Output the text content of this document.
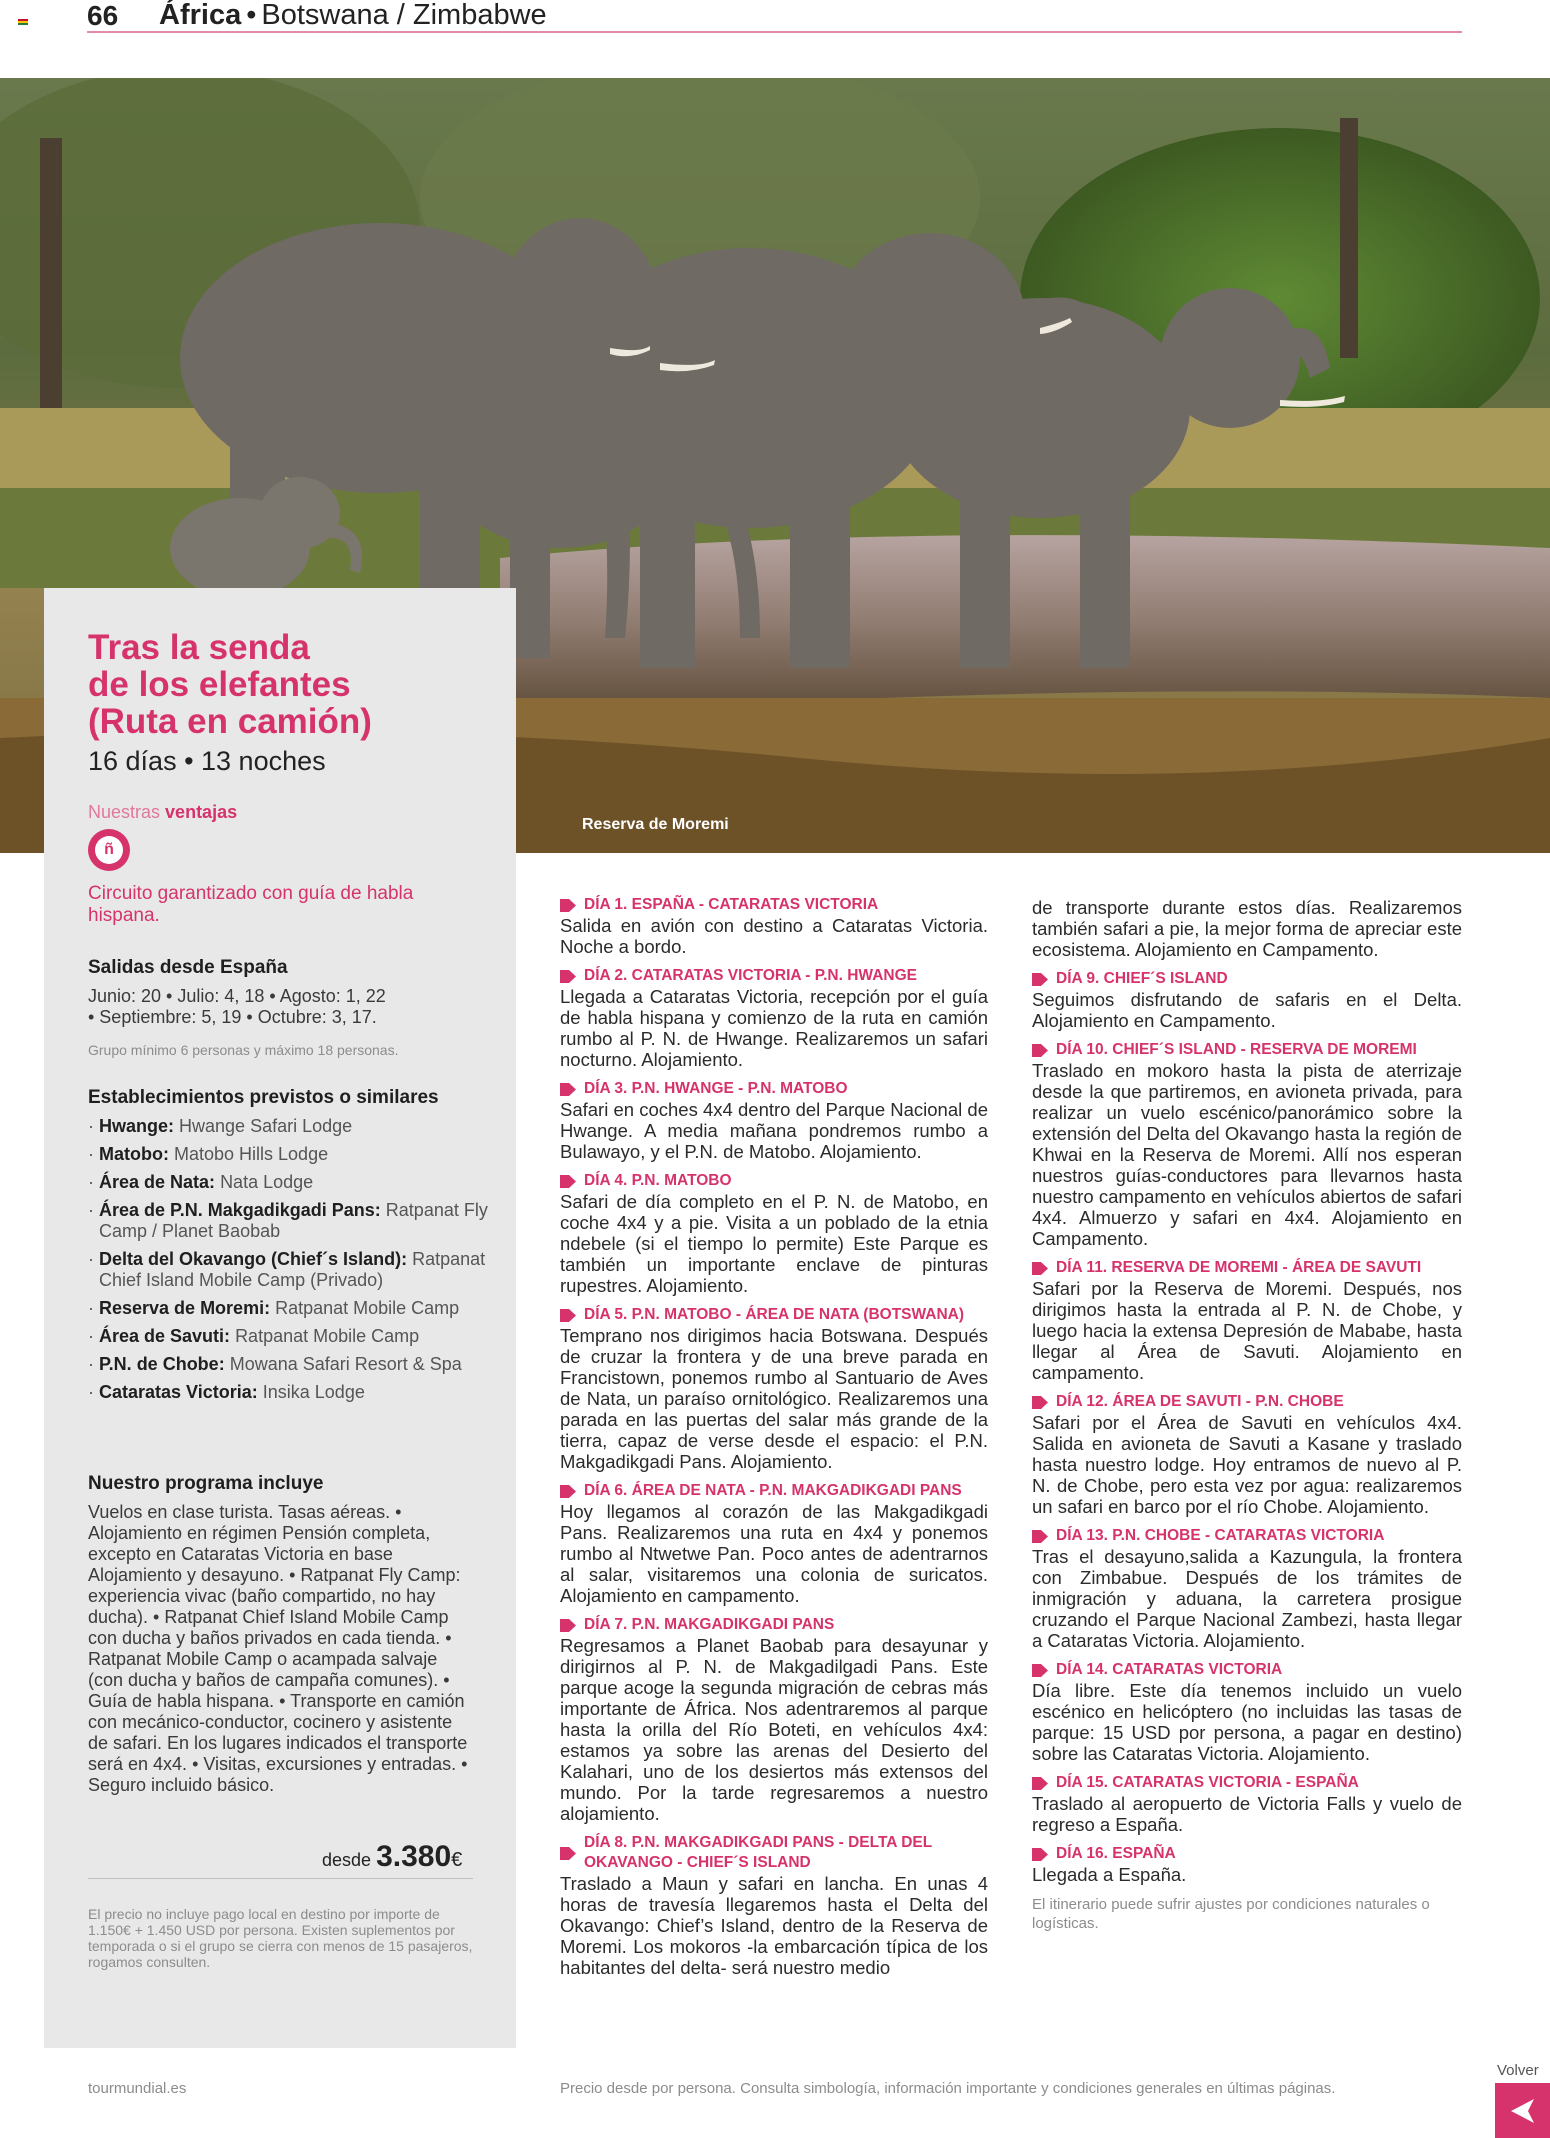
66	África • Botswana / Zimbabwe
Reserva de Moremi
Tras la senda
de los elefantes
(Ruta en camión)
16 días • 13 noches
Nuestras ventajas
ñ
Circuito garantizado con guía de habla hispana.
Salidas desde España
Junio: 20 • Julio: 4, 18 • Agosto: 1, 22
• Septiembre: 5, 19 • Octubre: 3, 17.
Grupo mínimo 6 personas y máximo 18 personas.
Establecimientos previstos o similares
· Hwange: Hwange Safari Lodge
· Matobo: Matobo Hills Lodge
· Área de Nata: Nata Lodge
· Área de P.N. Makgadikgadi Pans: Ratpanat Fly Camp / Planet Baobab
· Delta del Okavango (Chief´s Island): Ratpanat Chief Island Mobile Camp (Privado)
· Reserva de Moremi: Ratpanat Mobile Camp
· Área de Savuti: Ratpanat Mobile Camp
· P.N. de Chobe: Mowana Safari Resort & Spa
· Cataratas Victoria: Insika Lodge
Nuestro programa incluye
Vuelos en clase turista. Tasas aéreas. • Alojamiento en régimen Pensión completa, excepto en Cataratas Victoria en base Alojamiento y desayuno. • Ratpanat Fly Camp: experiencia vivac (baño compartido, no hay ducha). • Ratpanat Chief Island Mobile Camp con ducha y baños privados en cada tienda. • Ratpanat Mobile Camp o acampada salvaje (con ducha y baños de campaña comunes). • Guía de habla hispana. • Transporte en camión con mecánico-conductor, cocinero y asistente de safari. En los lugares indicados el transporte será en 4x4. • Visitas, excursiones y entradas. • Seguro incluido básico.
desde 3.380€
El precio no incluye pago local en destino por importe de 1.150€ + 1.450 USD por persona. Existen suplementos por temporada o si el grupo se cierra con menos de 15 pasajeros, rogamos consulten.
DÍA 1. ESPAÑA - CATARATAS VICTORIA
Salida en avión con destino a Cataratas Victoria. Noche a bordo.
DÍA 2. CATARATAS VICTORIA - P.N. HWANGE
Llegada a Cataratas Victoria, recepción por el guía de habla hispana y comienzo de la ruta en camión rumbo al P. N. de Hwange. Realizaremos un safari nocturno. Alojamiento.
DÍA 3. P.N. HWANGE - P.N. MATOBO
Safari en coches 4x4 dentro del Parque Nacional de Hwange. A media mañana pondremos rumbo a Bulawayo, y el P.N. de Matobo. Alojamiento.
DÍA 4. P.N. MATOBO
Safari de día completo en el P. N. de Matobo, en coche 4x4 y a pie. Visita a un poblado de la etnia ndebele (si el tiempo lo permite) Este Parque es también un importante enclave de pinturas rupestres. Alojamiento.
DÍA 5. P.N. MATOBO - ÁREA DE NATA (BOTSWANA)
Temprano nos dirigimos hacia Botswana. Después de cruzar la frontera y de una breve parada en Francistown, ponemos rumbo al Santuario de Aves de Nata, un paraíso ornitológico. Realizaremos una parada en las puertas del salar más grande de la tierra, capaz de verse desde el espacio: el P.N. Makgadikgadi Pans. Alojamiento.
DÍA 6. ÁREA DE NATA - P.N. MAKGADIKGADI PANS
Hoy llegamos al corazón de las Makgadikgadi Pans. Realizaremos una ruta en 4x4 y ponemos rumbo al Ntwetwe Pan. Poco antes de adentrarnos al salar, visitaremos una colonia de suricatos. Alojamiento en campamento.
DÍA 7. P.N. MAKGADIKGADI PANS
Regresamos a Planet Baobab para desayunar y dirigirnos al P. N. de Makgadilgadi Pans. Este parque acoge la segunda migración de cebras más importante de África. Nos adentraremos al parque hasta la orilla del Río Boteti, en vehículos 4x4: estamos ya sobre las arenas del Desierto del Kalahari, uno de los desiertos más extensos del mundo. Por la tarde regresaremos a nuestro alojamiento.
DÍA 8. P.N. MAKGADIKGADI PANS - DELTA DEL OKAVANGO - CHIEF´S ISLAND
Traslado a Maun y safari en lancha. En unas 4 horas de travesía llegaremos hasta el Delta del Okavango: Chief’s Island, dentro de la Reserva de Moremi. Los mokoros -la embarcación típica de los habitantes del delta- será nuestro medio
de transporte durante estos días. Realizaremos también safari a pie, la mejor forma de apreciar este ecosistema. Alojamiento en Campamento.
DÍA 9. CHIEF´S ISLAND
Seguimos disfrutando de safaris en el Delta. Alojamiento en Campamento.
DÍA 10. CHIEF´S ISLAND - RESERVA DE MOREMI
Traslado en mokoro hasta la pista de aterrizaje desde la que partiremos, en avioneta privada, para realizar un vuelo escénico/panorámico sobre la extensión del Delta del Okavango hasta la región de Khwai en la Reserva de Moremi. Allí nos esperan nuestros guías-conductores para llevarnos hasta nuestro campamento en vehículos abiertos de safari 4x4. Almuerzo y safari en 4x4. Alojamiento en Campamento.
DÍA 11. RESERVA DE MOREMI - ÁREA DE SAVUTI
Safari por la Reserva de Moremi. Después, nos dirigimos hasta la entrada al P. N. de Chobe, y luego hacia la extensa Depresión de Mababe, hasta llegar al Área de Savuti. Alojamiento en campamento.
DÍA 12. ÁREA DE SAVUTI - P.N. CHOBE
Safari por el Área de Savuti en vehículos 4x4. Salida en avioneta de Savuti a Kasane y traslado hasta nuestro lodge. Hoy entramos de nuevo al P. N. de Chobe, pero esta vez por agua: realizaremos un safari en barco por el río Chobe. Alojamiento.
DÍA 13. P.N. CHOBE - CATARATAS VICTORIA
Tras el desayuno,salida a Kazungula, la frontera con Zimbabue. Después de los trámites de inmigración y aduana, la carretera prosigue cruzando el Parque Nacional Zambezi, hasta llegar a Cataratas Victoria. Alojamiento.
DÍA 14. CATARATAS VICTORIA
Día libre. Este día tenemos incluido un vuelo escénico en helicóptero (no incluidas las tasas de parque: 15 USD por persona, a pagar en destino) sobre las Cataratas Victoria. Alojamiento.
DÍA 15. CATARATAS VICTORIA - ESPAÑA
Traslado al aeropuerto de Victoria Falls y vuelo de regreso a España.
DÍA 16. ESPAÑA
Llegada a España.
El itinerario puede sufrir ajustes por condiciones naturales o logísticas.
tourmundial.es	Precio desde por persona. Consulta simbología, información importante y condiciones generales en últimas páginas.
Volver
